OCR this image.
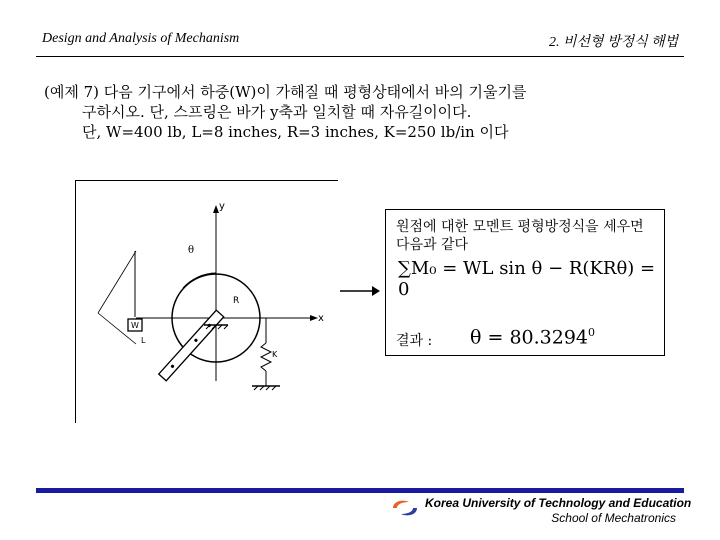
Design and Analysis of Mechanism	2. 비선형 방정식 해법
(예제 7) 다음 기구에서 하중(W)이 가해질 때 평형상태에서 바의 기울기를
구하시오. 단, 스프링은 바가 y축과 일치할 때 자유길이이다.
단, W=400 lb, L=8 inches, R=3 inches, K=250 lb/in 이다
y
x
θ
R
W
L
K
원점에 대한 모멘트 평형방정식을 세우면 다음과 같다
∑M₀ = WL sin θ − R(KRθ) = 0
결과 : $\theta = 80.3294^0$
Korea University of Technology and Education
School of Mechatronics
